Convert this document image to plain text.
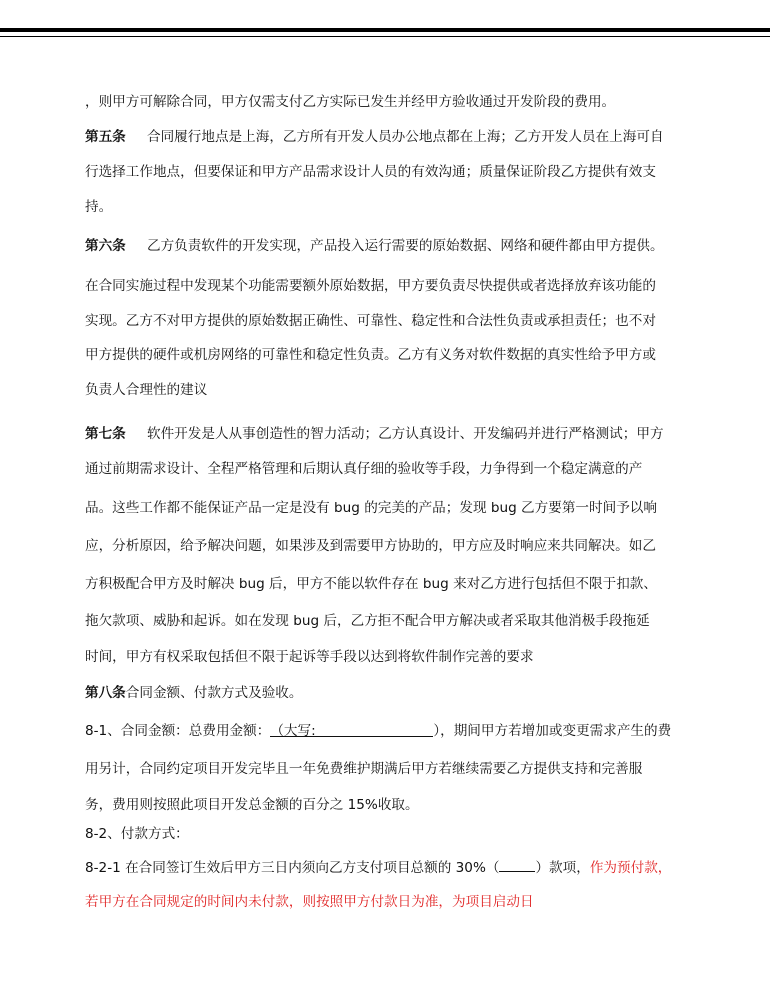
，则甲方可解除合同，甲方仅需支付乙方实际已发生并经甲方验收通过开发阶段的费用。
第五条 合同履行地点是上海，乙方所有开发人员办公地点都在上海；乙方开发人员在上海可自
行选择工作地点，但要保证和甲方产品需求设计人员的有效沟通；质量保证阶段乙方提供有效支
持。
第六条 乙方负责软件的开发实现，产品投入运行需要的原始数据、网络和硬件都由甲方提供。
在合同实施过程中发现某个功能需要额外原始数据，甲方要负责尽快提供或者选择放弃该功能的
实现。乙方不对甲方提供的原始数据正确性、可靠性、稳定性和合法性负责或承担责任；也不对
甲方提供的硬件或机房网络的可靠性和稳定性负责。乙方有义务对软件数据的真实性给予甲方或
负责人合理性的建议
第七条 软件开发是人从事创造性的智力活动；乙方认真设计、开发编码并进行严格测试；甲方
通过前期需求设计、全程严格管理和后期认真仔细的验收等手段，力争得到一个稳定满意的产
品。这些工作都不能保证产品一定是没有 bug 的完美的产品；发现 bug 乙方要第一时间予以响
应，分析原因，给予解决问题，如果涉及到需要甲方协助的，甲方应及时响应来共同解决。如乙
方积极配合甲方及时解决 bug 后，甲方不能以软件存在 bug 来对乙方进行包括但不限于扣款、
拖欠款项、威胁和起诉。如在发现 bug 后，乙方拒不配合甲方解决或者采取其他消极手段拖延
时间，甲方有权采取包括但不限于起诉等手段以达到将软件制作完善的要求
第八条合同金额、付款方式及验收。
8-1、合同金额：总费用金额：（大写:	），期间甲方若增加或变更需求产生的费
用另计，合同约定项目开发完毕且一年免费维护期满后甲方若继续需要乙方提供支持和完善服
务，费用则按照此项目开发总金额的百分之 15%收取。
8-2、付款方式：
8-2-1 在合同签订生效后甲方三日内须向乙方支付项目总额的 30%（	）款项，作为预付款，
若甲方在合同规定的时间内未付款，则按照甲方付款日为准，为项目启动日
